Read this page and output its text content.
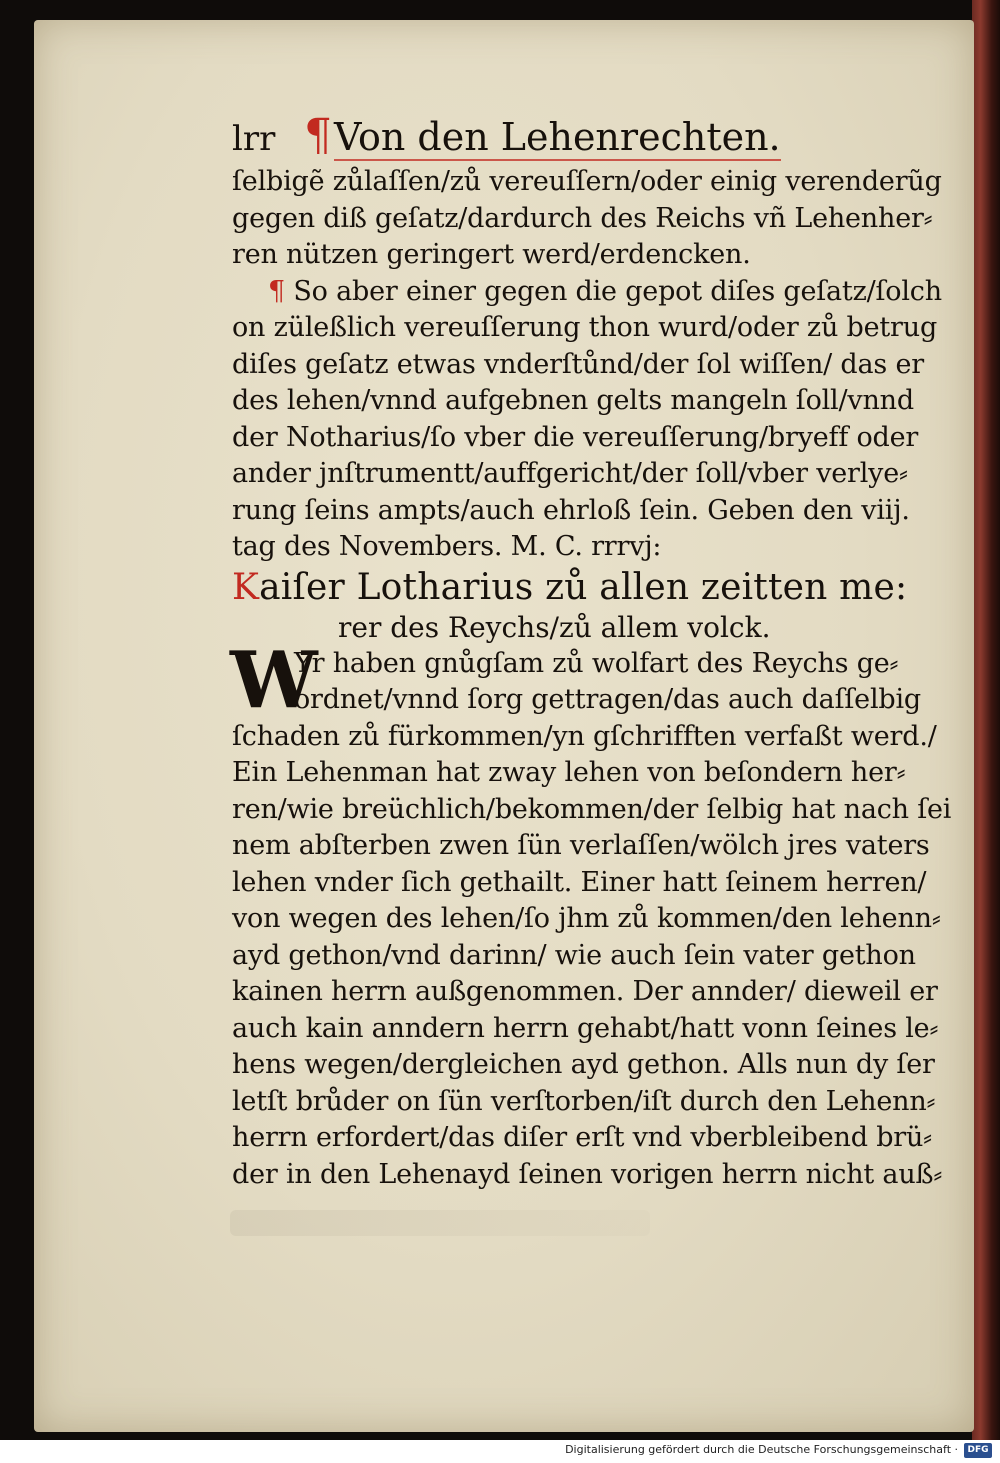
lrr ¶Von den Lehenrechten.
ſelbigẽ zůlaſſen/zů vereuſſern/oder einig verenderũg
gegen diß geſatz/dardurch des Reichs vñ Lehenher⸗
ren nützen geringert werd/erdencken.
¶ So aber einer gegen die gepot diſes geſatz/ſolch
on züleßlich vereuſſerung thon wurd/oder zů betrug
diſes geſatz etwas vnderſtůnd/der ſol wiſſen/ das er
des lehen/vnnd aufgebnen gelts mangeln ſoll/vnnd
der Notharius/ſo vber die vereuſſerung/bryeff oder
ander jnſtrumentt/auffgericht/der ſoll/vber verlye⸗
rung ſeins ampts/auch ehrloß ſein. Geben den viij.
tag des Novembers. M. C. rrrvj:
Kaiſer Lotharius zů allen zeitten me:
rer des Reychs/zů allem volck.
W
Yr haben gnůgſam zů wolfart des Reychs ge⸗
ordnet/vnnd ſorg gettragen/das auch daſſelbig
ſchaden zů fürkommen/yn gſchrifften verfaßt werd./
Ein Lehenman hat zway lehen von beſondern her⸗
ren/wie breüchlich/bekommen/der ſelbig hat nach ſei
nem abſterben zwen ſün verlaſſen/wölch jres vaters
lehen vnder ſich gethailt. Einer hatt ſeinem herren/
von wegen des lehen/ſo jhm zů kommen/den lehenn⸗
ayd gethon/vnd darinn/ wie auch ſein vater gethon
kainen herrn außgenommen. Der annder/ dieweil er
auch kain anndern herrn gehabt/hatt vonn ſeines le⸗
hens wegen/dergleichen ayd gethon. Alls nun dy ſer
letſt brůder on ſün verſtorben/iſt durch den Lehenn⸗
herrn erfordert/das diſer erſt vnd vberbleibend brü⸗
der in den Lehenayd ſeinen vorigen herrn nicht auß⸗
Digitalisierung gefördert durch die Deutsche Forschungsgemeinschaft ·	DFG
